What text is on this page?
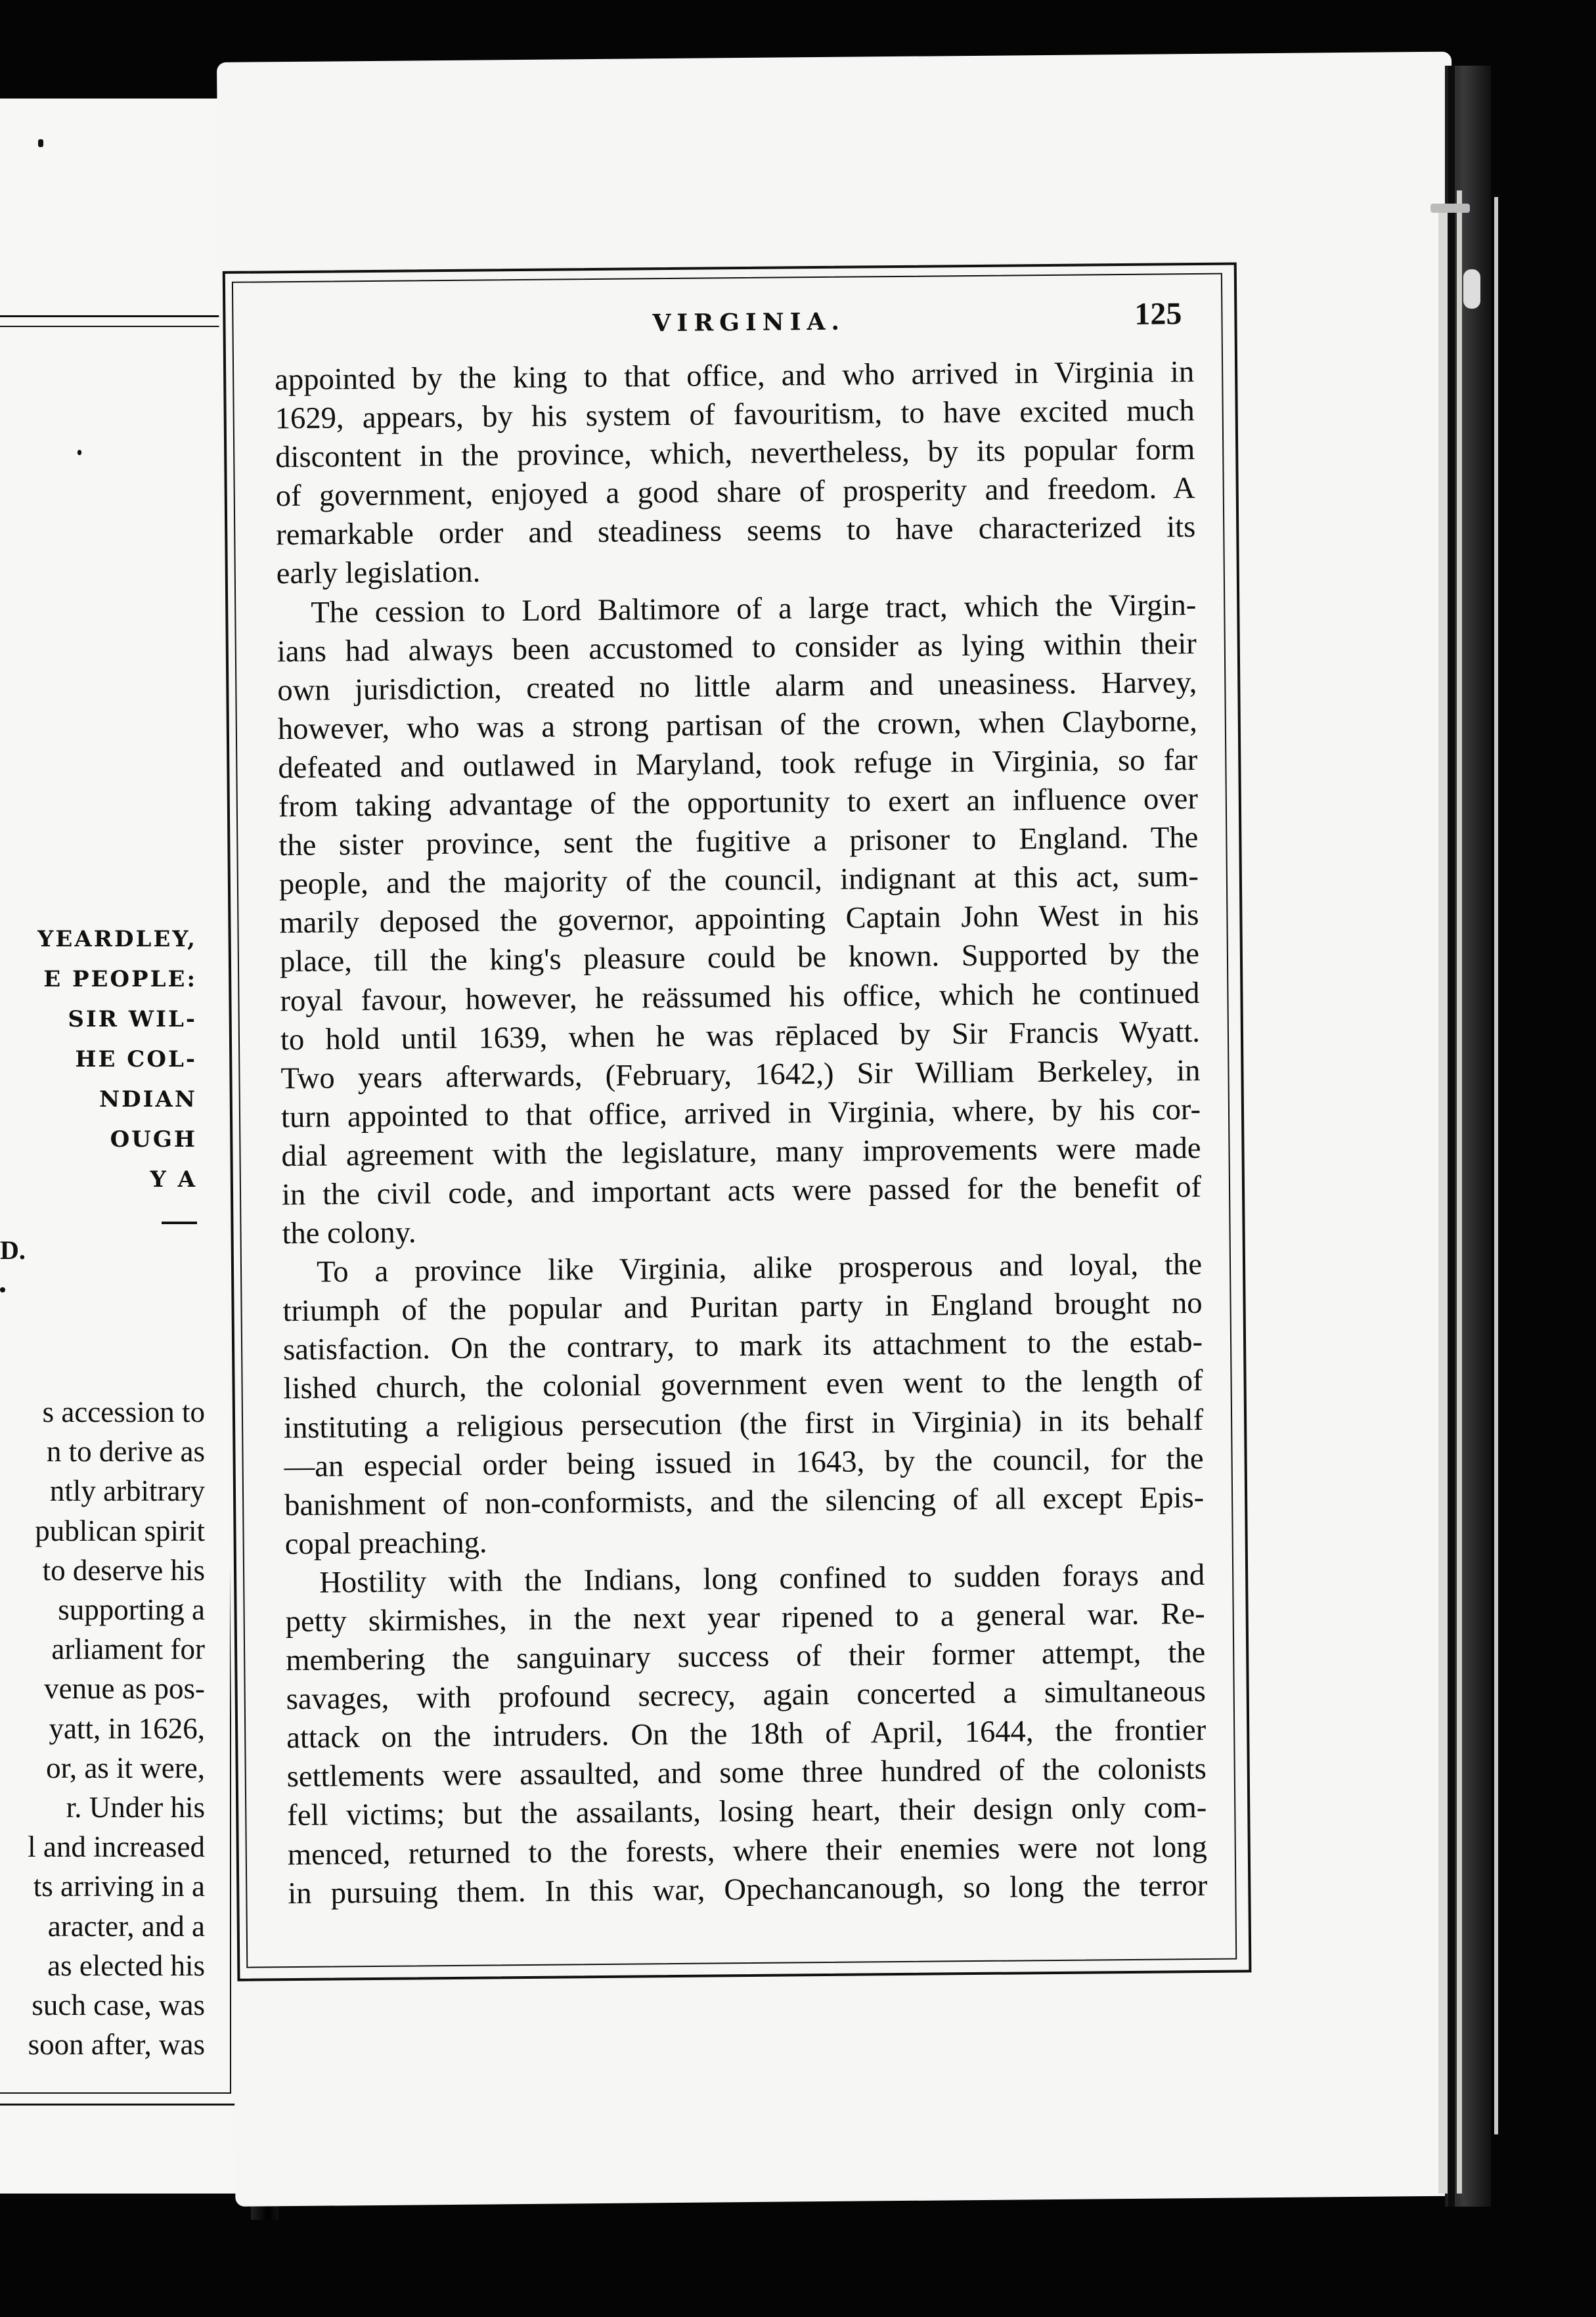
YEARDLEY,
E PEOPLE:
SIR WIL-
HE COL-
NDIAN
OUGH
Y A
D.
s accession to
n to derive as
ntly arbitrary
publican spirit
to deserve his
supporting a
arliament for
venue as pos-
yatt, in 1626,
or, as it were,
r. Under his
l and increased
ts arriving in a
aracter, and a
as elected his
such case, was
soon after, was
VIRGINIA.	125
appointed by the king to that office, and who arrived in Virginia in
1629, appears, by his system of favouritism, to have excited much
discontent in the province, which, nevertheless, by its popular form
of government, enjoyed a good share of prosperity and freedom. A
remarkable order and steadiness seems to have characterized its
early legislation.
The cession to Lord Baltimore of a large tract, which the Virgin-
ians had always been accustomed to consider as lying within their
own jurisdiction, created no little alarm and uneasiness. Harvey,
however, who was a strong partisan of the crown, when Clayborne,
defeated and outlawed in Maryland, took refuge in Virginia, so far
from taking advantage of the opportunity to exert an influence over
the sister province, sent the fugitive a prisoner to England. The
people, and the majority of the council, indignant at this act, sum-
marily deposed the governor, appointing Captain John West in his
place, till the king's pleasure could be known. Supported by the
royal favour, however, he reässumed his office, which he continued
to hold until 1639, when he was rēplaced by Sir Francis Wyatt.
Two years afterwards, (February, 1642,) Sir William Berkeley, in
turn appointed to that office, arrived in Virginia, where, by his cor-
dial agreement with the legislature, many improvements were made
in the civil code, and important acts were passed for the benefit of
the colony.
To a province like Virginia, alike prosperous and loyal, the
triumph of the popular and Puritan party in England brought no
satisfaction. On the contrary, to mark its attachment to the estab-
lished church, the colonial government even went to the length of
instituting a religious persecution (the first in Virginia) in its behalf
—an especial order being issued in 1643, by the council, for the
banishment of non-conformists, and the silencing of all except Epis-
copal preaching.
Hostility with the Indians, long confined to sudden forays and
petty skirmishes, in the next year ripened to a general war. Re-
membering the sanguinary success of their former attempt, the
savages, with profound secrecy, again concerted a simultaneous
attack on the intruders. On the 18th of April, 1644, the frontier
settlements were assaulted, and some three hundred of the colonists
fell victims; but the assailants, losing heart, their design only com-
menced, returned to the forests, where their enemies were not long
in pursuing them. In this war, Opechancanough, so long the terror
